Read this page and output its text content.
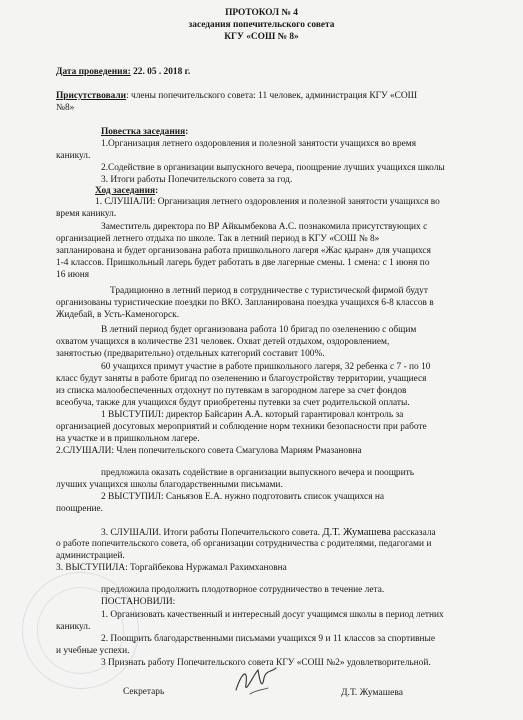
ПРОТОКОЛ № 4
заседания попечительского совета
КГУ «СОШ № 8»
Дата проведения: 22. 05 . 2018 г.
Присутствовали: члены попечительского совета: 11 человек, администрация КГУ «СОШ
№8»
Повестка заседания:
1.Организация летнего оздоровления и полезной занятости учащихся во время
каникул.
2.Содействие в организации выпускного вечера, поощрение лучших учащихся школы
3. Итоги работы Попечительского совета за год.
Ход заседания:
1. СЛУШАЛИ: Организация летнего оздоровления и полезной занятости учащихся во
время каникул.
Заместитель директора по ВР Айкымбекова А.С. познакомила присутствующих с
организацией летнего отдыха по школе. Так в летний период в КГУ «СОШ № 8»
запланирована и будет организована работа пришкольного лагеря «Жас қыран» для учащихся
1-4 классов. Пришкольный лагерь будет работать в две лагерные смены. 1 смена: с 1 июня по
16 июня
Традиционно в летний период в сотрудничестве с туристической фирмой будут
организованы туристические поездки по ВКО. Запланирована поездка учащихся 6-8 классов в
Жидебай, в Усть-Каменогорск.
В летний период будет организована работа 10 бригад по озеленению с общим
охватом учащихся в количестве 231 человек. Охват детей отдыхом, оздоровлением,
занятостью (предварительно) отдельных категорий составит 100%.
60 учащихся примут участие в работе пришкольного лагеря, 32 ребенка с 7 - по 10
класс будут заняты в работе бригад по озеленению и благоустройству территории, учащиеся
из списка малообеспеченных отдохнут по путевкам в загородном лагере за счет фондов
всеобуча, также для учащихся будут приобретены путевки за счет родительской оплаты.
1 ВЫСТУПИЛ: директор Байсарин А.А. который гарантировал контроль за
организацией досуговых мероприятий и соблюдение норм техники безопасности при работе
на участке и в пришкольном лагере.
2.СЛУШАЛИ: Член попечительского совета Смагулова Мариям Рмазановна
предложила оказать содействие в организации выпускного вечера и поощрить
лучших учащихся школы благодарственными письмами.
2 ВЫСТУПИЛ: Саньязов Е.А. нужно подготовить список учащихся на
поощрение.
3. СЛУШАЛИ. Итоги работы Попечительского совета. Д.Т. Жумашева рассказала
о работе попечительского совета, об организации сотрудничества с родителями, педагогами и
администрацией.
3. ВЫСТУПИЛА: Торгайбекова Нуржамал Рахимхановна
предложила продолжить плодотворное сотрудничество в течение лета.
ПОСТАНОВИЛИ:
1. Организовать качественный и интересный досуг учащимся школы в период летних
каникул.
2. Поощрить благодарственными письмами учащихся 9 и 11 классов за спортивные
и учебные успехи.
3 Признать работу Попечительского совета КГУ «СОШ №2» удовлетворительной.
Секретарь	Д.Т. Жумашева
